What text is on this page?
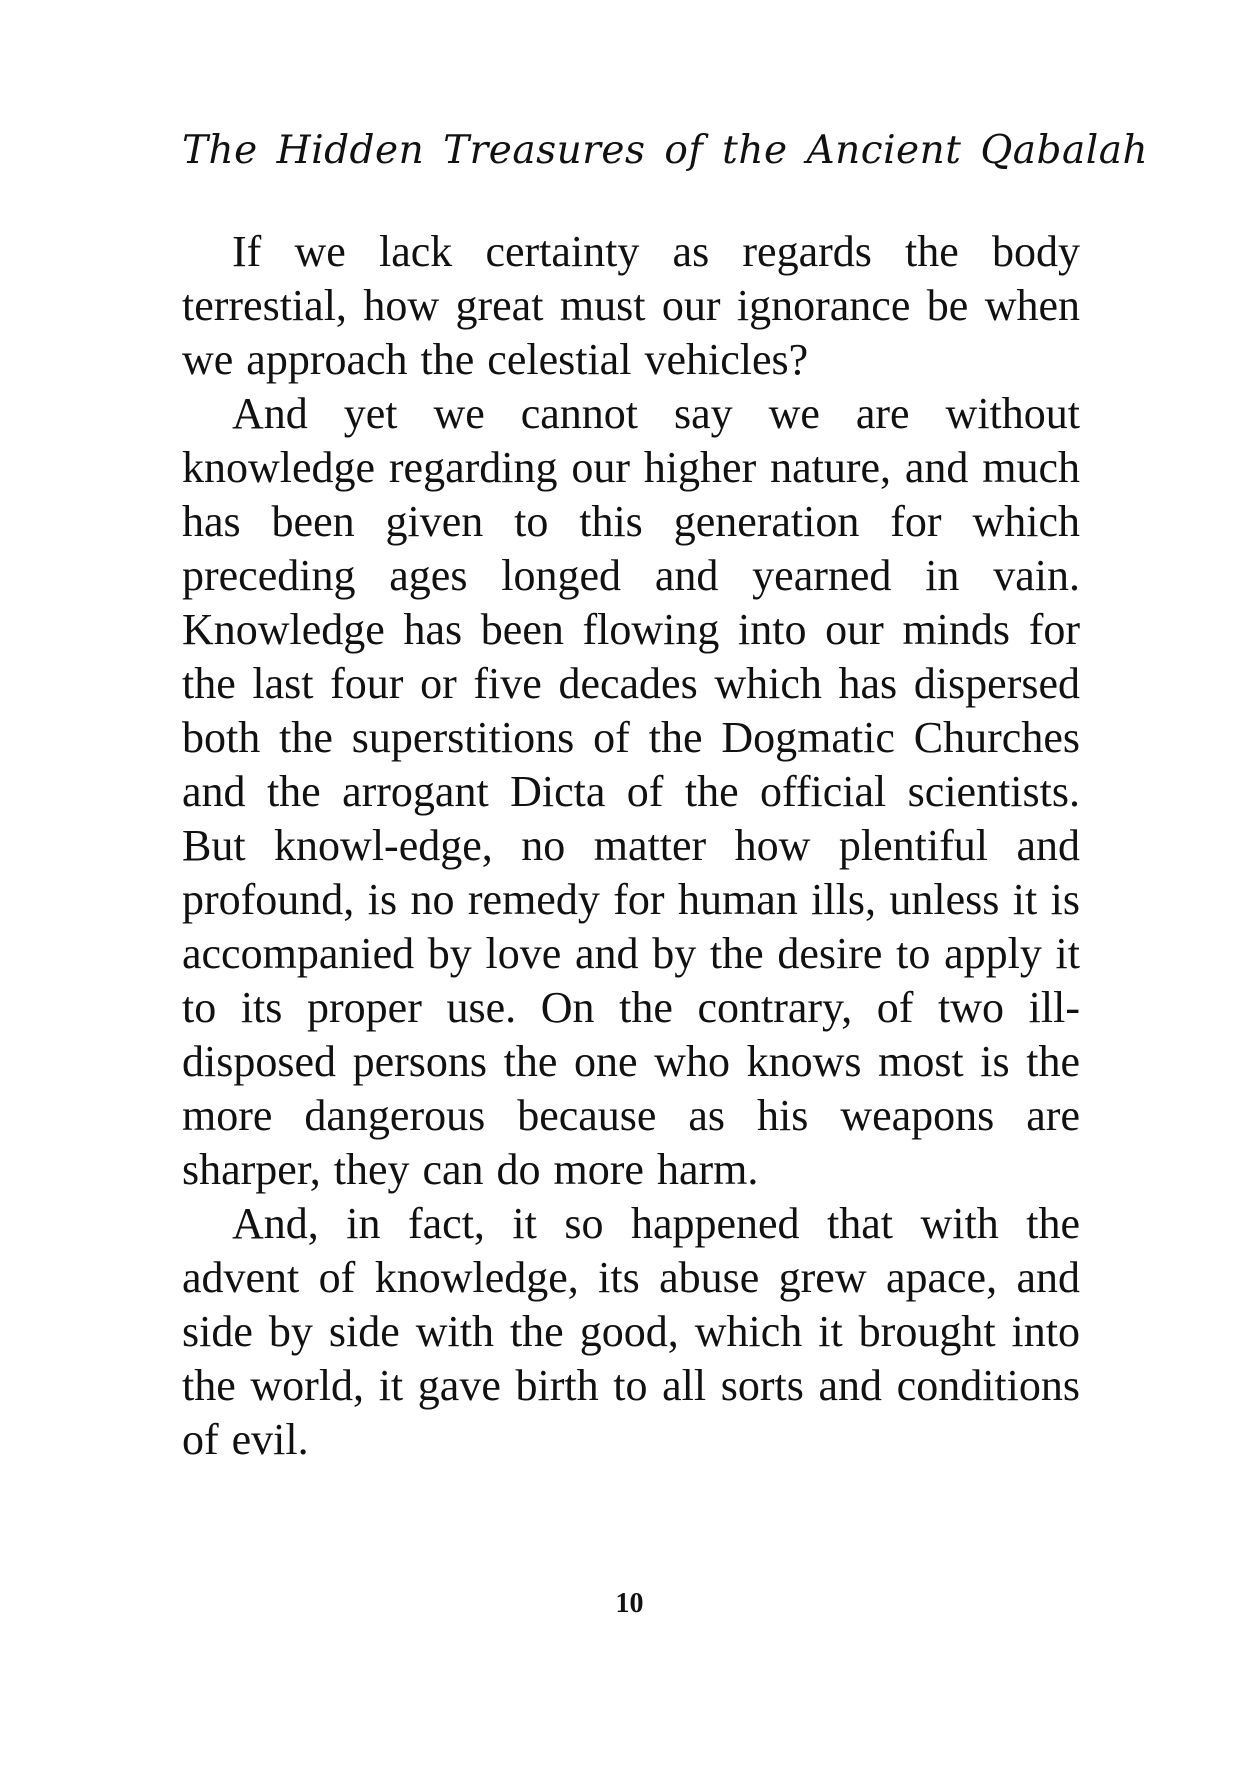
The Hidden Treasures of the Ancient Qabalah

If we lack certainty as regards the body terrestial, how great must our ignorance be when we approach the celestial vehicles?

And yet we cannot say we are without knowledge regarding our higher nature, and much has been given to this generation for which preceding ages longed and yearned in vain. Knowledge has been flowing into our minds for the last four or five decades which has dispersed both the superstitions of the Dogmatic Churches and the arrogant Dicta of the official scientists. But knowl-edge, no matter how plentiful and profound, is no remedy for human ills, unless it is accompanied by love and by the desire to apply it to its proper use. On the contrary, of two ill-disposed persons the one who knows most is the more dangerous because as his weapons are sharper, they can do more harm.

And, in fact, it so happened that with the advent of knowledge, its abuse grew apace, and side by side with the good, which it brought into the world, it gave birth to all sorts and conditions of evil.

10
